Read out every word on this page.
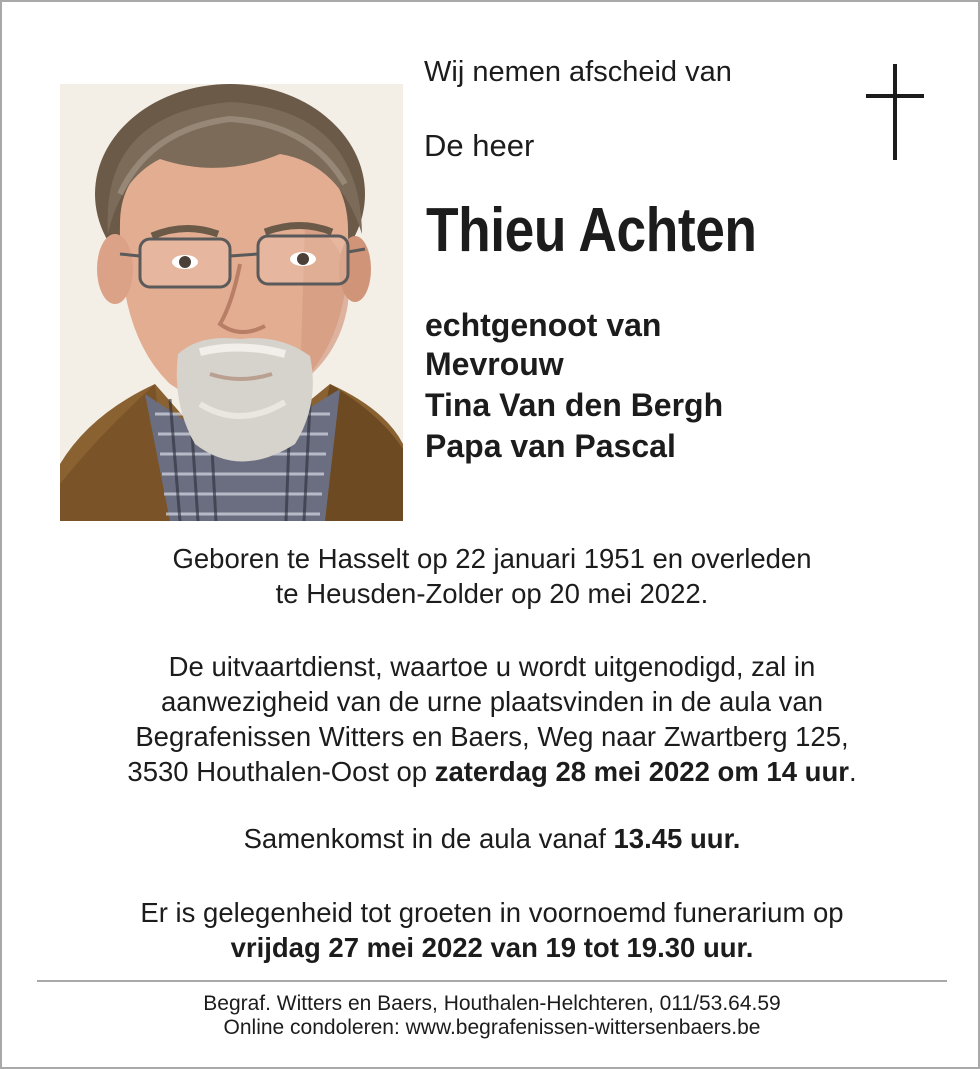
Wij nemen afscheid van
De heer
Thieu Achten
echtgenoot van
Mevrouw
Tina Van den Bergh
Papa van Pascal
Geboren te Hasselt op 22 januari 1951 en overleden
te Heusden-Zolder op 20 mei 2022.
De uitvaartdienst, waartoe u wordt uitgenodigd, zal in
aanwezigheid van de urne plaatsvinden in de aula van
Begrafenissen Witters en Baers, Weg naar Zwartberg 125,
3530 Houthalen-Oost op zaterdag 28 mei 2022 om 14 uur.
Samenkomst in de aula vanaf 13.45 uur.
Er is gelegenheid tot groeten in voornoemd funerarium op
vrijdag 27 mei 2022 van 19 tot 19.30 uur.
Begraf. Witters en Baers, Houthalen-Helchteren, 011/53.64.59
Online condoleren: www.begrafenissen-wittersenbaers.be
